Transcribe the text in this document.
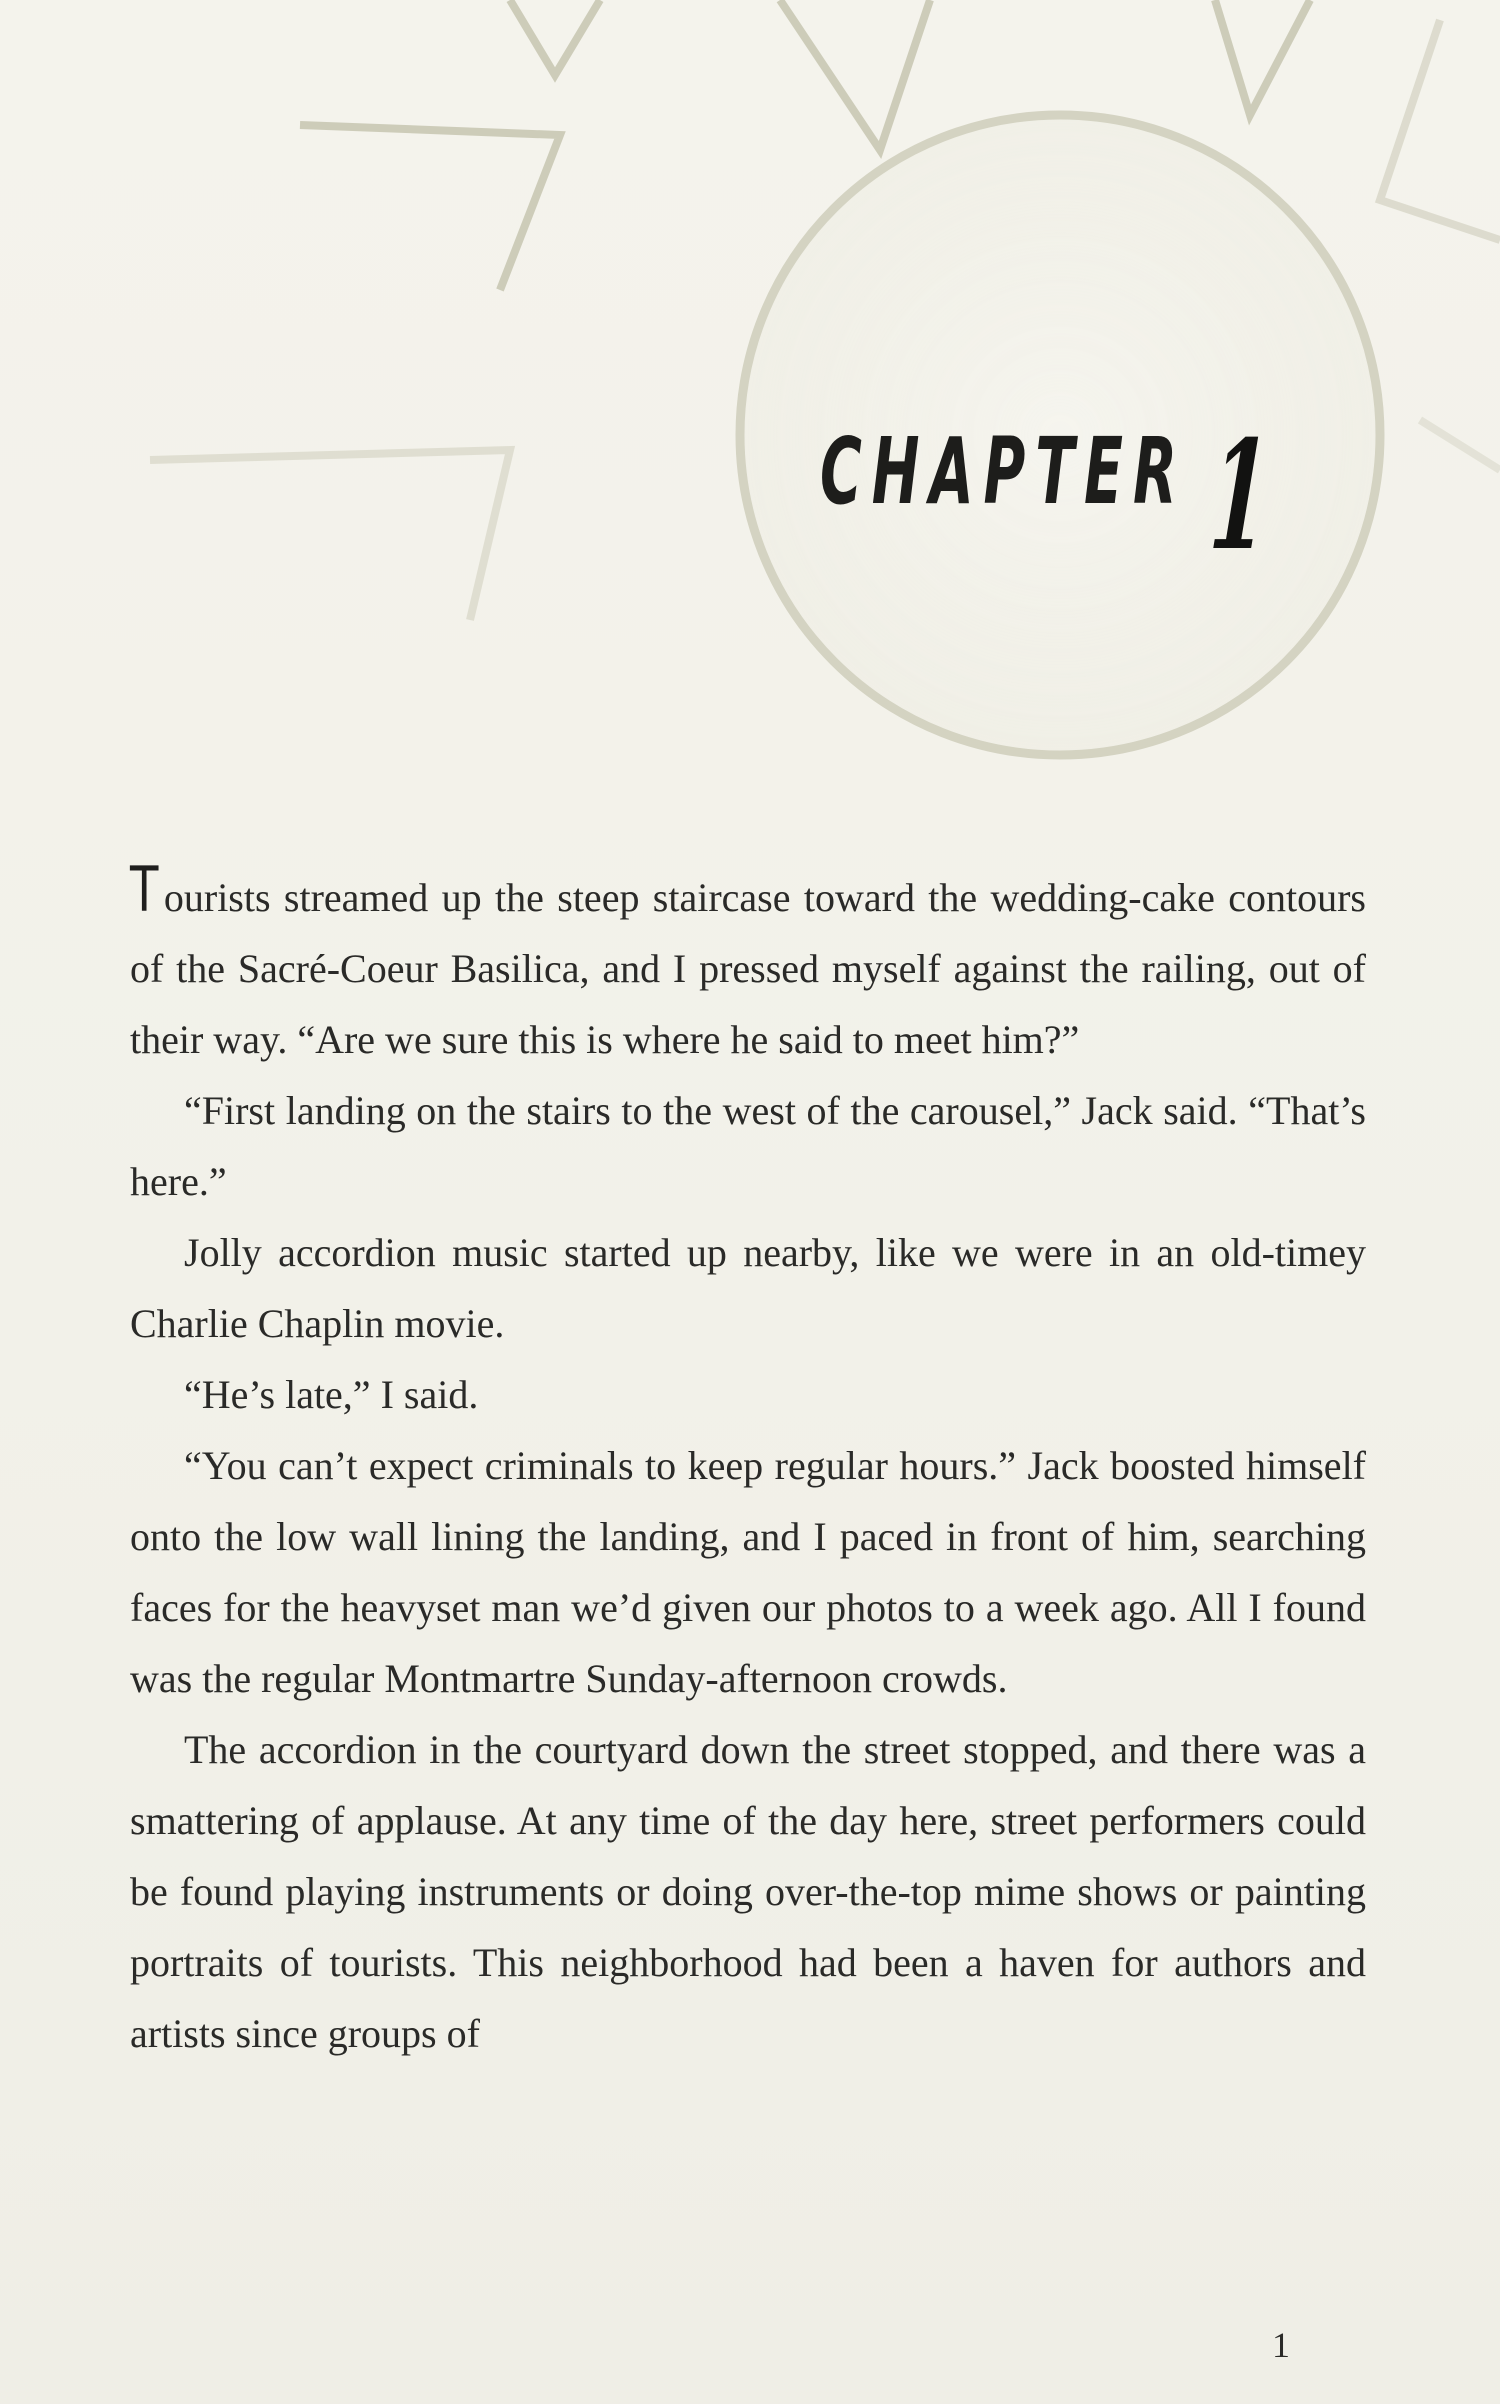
CHAPTER 1

Tourists streamed up the steep staircase toward the wedding-cake contours of the Sacré-Coeur Basilica, and I pressed myself against the railing, out of their way. “Are we sure this is where he said to meet him?”

“First landing on the stairs to the west of the carousel,” Jack said. “That’s here.”

Jolly accordion music started up nearby, like we were in an old-timey Charlie Chaplin movie.

“He’s late,” I said.

“You can’t expect criminals to keep regular hours.” Jack boosted himself onto the low wall lining the landing, and I paced in front of him, searching faces for the heavyset man we’d given our photos to a week ago. All I found was the regular Montmartre Sunday-afternoon crowds.

The accordion in the courtyard down the street stopped, and there was a smattering of applause. At any time of the day here, street performers could be found playing instruments or doing over-the-top mime shows or painting portraits of tourists. This neighborhood had been a haven for authors and artists since groups of

1
